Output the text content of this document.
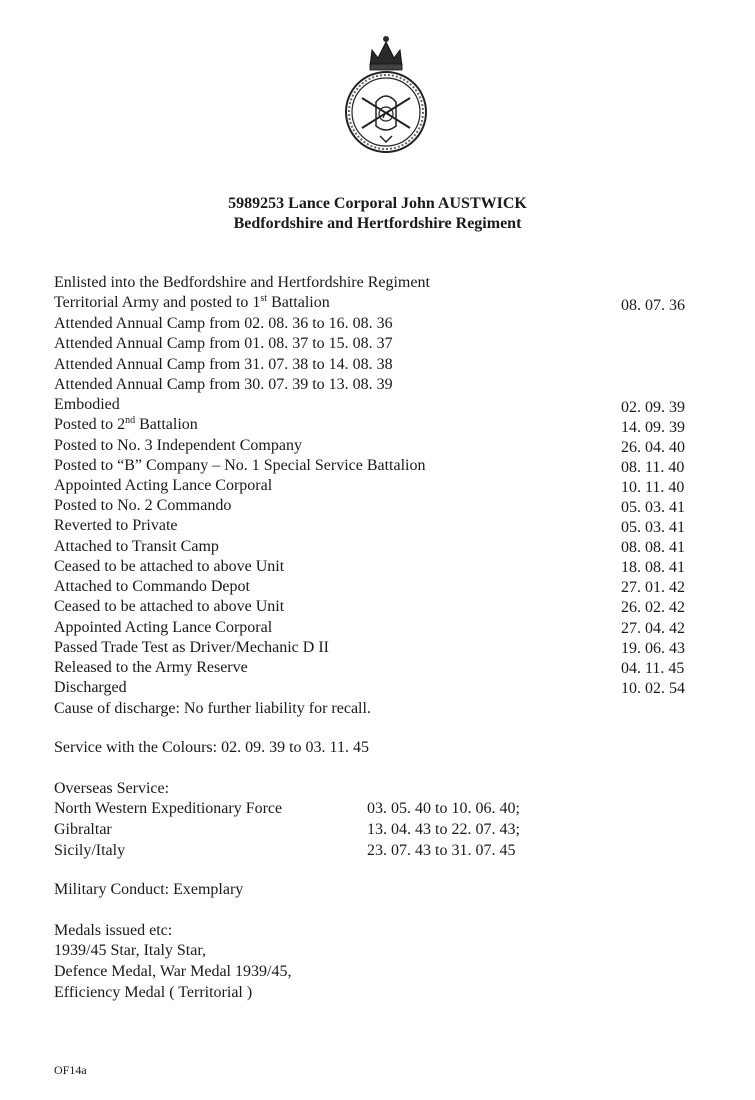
5989253 Lance Corporal John AUSTWICK
Bedfordshire and Hertfordshire Regiment
Enlisted into the Bedfordshire and Hertfordshire Regiment
Territorial Army and posted to 1st Battalion	08. 07. 36
Attended Annual Camp from 02. 08. 36 to 16. 08. 36
Attended Annual Camp from 01. 08. 37 to 15. 08. 37
Attended Annual Camp from 31. 07. 38 to 14. 08. 38
Attended Annual Camp from 30. 07. 39 to 13. 08. 39
Embodied	02. 09. 39
Posted to 2nd Battalion	14. 09. 39
Posted to No. 3 Independent Company	26. 04. 40
Posted to “B” Company – No. 1 Special Service Battalion	08. 11. 40
Appointed Acting Lance Corporal	10. 11. 40
Posted to No. 2 Commando	05. 03. 41
Reverted to Private	05. 03. 41
Attached to Transit Camp	08. 08. 41
Ceased to be attached to above Unit	18. 08. 41
Attached to Commando Depot	27. 01. 42
Ceased to be attached to above Unit	26. 02. 42
Appointed Acting Lance Corporal	27. 04. 42
Passed Trade Test as Driver/Mechanic D II	19. 06. 43
Released to the Army Reserve	04. 11. 45
Discharged	10. 02. 54
Cause of discharge: No further liability for recall.
Service with the Colours: 02. 09. 39 to 03. 11. 45
Overseas Service:
North Western Expeditionary Force	03. 05. 40 to 10. 06. 40;
Gibraltar	13. 04. 43 to 22. 07. 43;
Sicily/Italy	23. 07. 43 to 31. 07. 45
Military Conduct: Exemplary
Medals issued etc:
1939/45 Star, Italy Star,
Defence Medal, War Medal 1939/45,
Efficiency Medal ( Territorial )
OF14a
